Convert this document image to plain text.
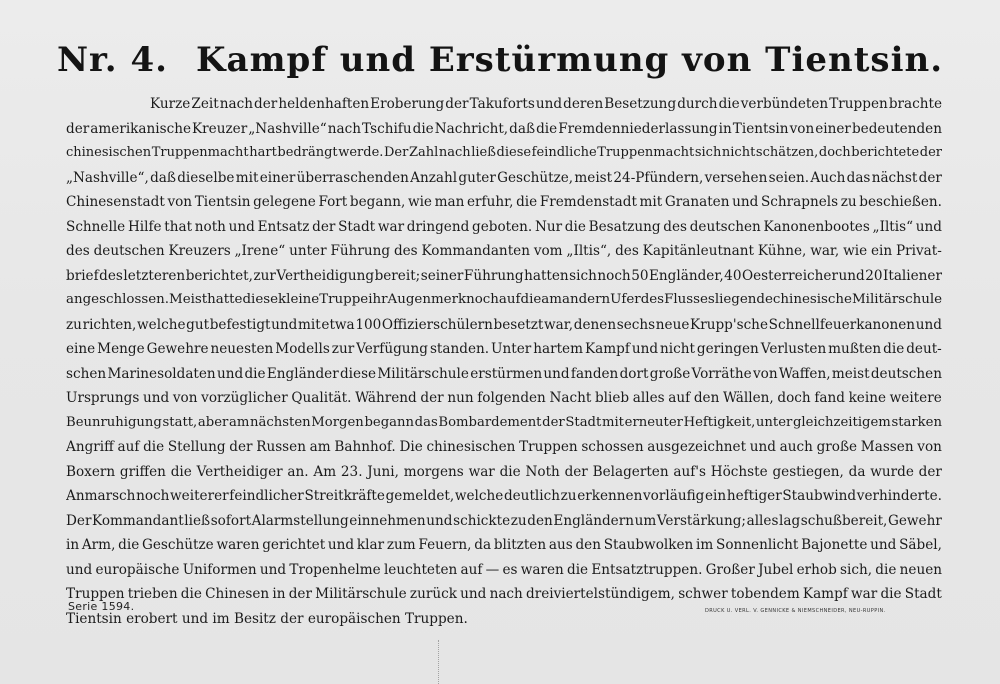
Nr. 4. Kampf und Erstürmung von Tientsin.
Kurze Zeit nach der heldenhaften Eroberung der Takuforts und deren Besetzung durch die verbündeten Truppen brachte
der amerikanische Kreuzer „Nashville“ nach Tschifu die Nachricht, daß die Fremdenniederlassung in Tientsin von einer bedeutenden
chinesischen Truppenmacht hart bedrängt werde. Der Zahl nach ließ diese feindliche Truppenmacht sich nicht schätzen, doch berichtete der
„Nashville“, daß dieselbe mit einer überraschenden Anzahl guter Geschütze, meist 24-Pfündern, versehen seien. Auch das nächst der
Chinesenstadt von Tientsin gelegene Fort begann, wie man erfuhr, die Fremdenstadt mit Granaten und Schrapnels zu beschießen.
Schnelle Hilfe that noth und Entsatz der Stadt war dringend geboten. Nur die Besatzung des deutschen Kanonenbootes „Iltis“ und
des deutschen Kreuzers „Irene“ unter Führung des Kommandanten vom „Iltis“, des Kapitänleutnant Kühne, war, wie ein Privat-
brief des letzteren berichtet, zur Vertheidigung bereit; seiner Führung hatten sich noch 50 Engländer, 40 Oesterreicher und 20 Italiener
angeschlossen. Meist hatte diese kleine Truppe ihr Augenmerk noch auf die am andern Ufer des Flusses liegende chinesische Militärschule
zu richten, welche gut befestigt und mit etwa 100 Offizierschülern besetzt war, denen sechs neue Krupp'sche Schnellfeuerkanonen und
eine Menge Gewehre neuesten Modells zur Verfügung standen. Unter hartem Kampf und nicht geringen Verlusten mußten die deut-
schen Marinesoldaten und die Engländer diese Militärschule erstürmen und fanden dort große Vorräthe von Waffen, meist deutschen
Ursprungs und von vorzüglicher Qualität. Während der nun folgenden Nacht blieb alles auf den Wällen, doch fand keine weitere
Beunruhigung statt, aber am nächsten Morgen begann das Bombardement der Stadt mit erneuter Heftigkeit, unter gleichzeitigem starken
Angriff auf die Stellung der Russen am Bahnhof. Die chinesischen Truppen schossen ausgezeichnet und auch große Massen von
Boxern griffen die Vertheidiger an. Am 23. Juni, morgens war die Noth der Belagerten auf's Höchste gestiegen, da wurde der
Anmarsch noch weiterer feindlicher Streitkräfte gemeldet, welche deutlich zu erkennen vorläufig ein heftiger Staubwind verhinderte.
Der Kommandant ließ sofort Alarmstellung einnehmen und schickte zu den Engländern um Verstärkung; alles lag schußbereit, Gewehr
in Arm, die Geschütze waren gerichtet und klar zum Feuern, da blitzten aus den Staubwolken im Sonnenlicht Bajonette und Säbel,
und europäische Uniformen und Tropenhelme leuchteten auf — es waren die Entsatztruppen. Großer Jubel erhob sich, die neuen
Truppen trieben die Chinesen in der Militärschule zurück und nach dreiviertelstündigem, schwer tobendem Kampf war die Stadt
Tientsin erobert und im Besitz der europäischen Truppen.
Serie 1594.	DRUCK U. VERL. V. GENNICKE & NIEMSCHNEIDER, NEU-RUPPIN.
